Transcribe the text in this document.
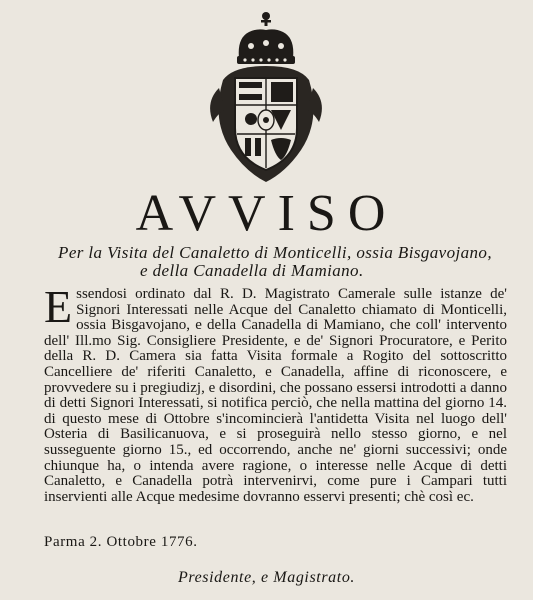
AVVISO
Per la Visita del Canaletto di Monticelli, ossia Bisgavojano,
e della Canadella di Mamiano.
E ssendosi ordinato dal R. D. Magistrato Camerale sulle istanze de' Signori Interessati nelle Acque del Canaletto chiamato di Monticelli, ossia Bisgavojano, e della Canadella di Mamiano, che coll' intervento dell' Ill.mo Sig. Consigliere Presidente, e de' Signori Procuratore, e Perito della R. D. Camera sia fatta Visita formale a Rogito del sottoscritto Cancelliere de' riferiti Canaletto, e Canadella, affine di riconoscere, e provvedere su i pregiudizj, e disordini, che possano essersi introdotti a danno di detti Signori Interessati, si notifica perciò, che nella mattina del giorno 14. di questo mese di Ottobre s'incomincierà l'antidetta Visita nel luogo dell' Osteria di Basilicanuova, e si proseguirà nello stesso giorno, e nel susseguente giorno 15., ed occorrendo, anche ne' giorni successivi; onde chiunque ha, o intenda avere ragione, o interesse nelle Acque di detti Canaletto, e Canadella potrà intervenirvi, come pure i Campari tutti inservienti alle Acque medesime dovranno esservi presenti; chè così ec.

Parma 2. Ottobre 1776.
Presidente, e Magistrato.
